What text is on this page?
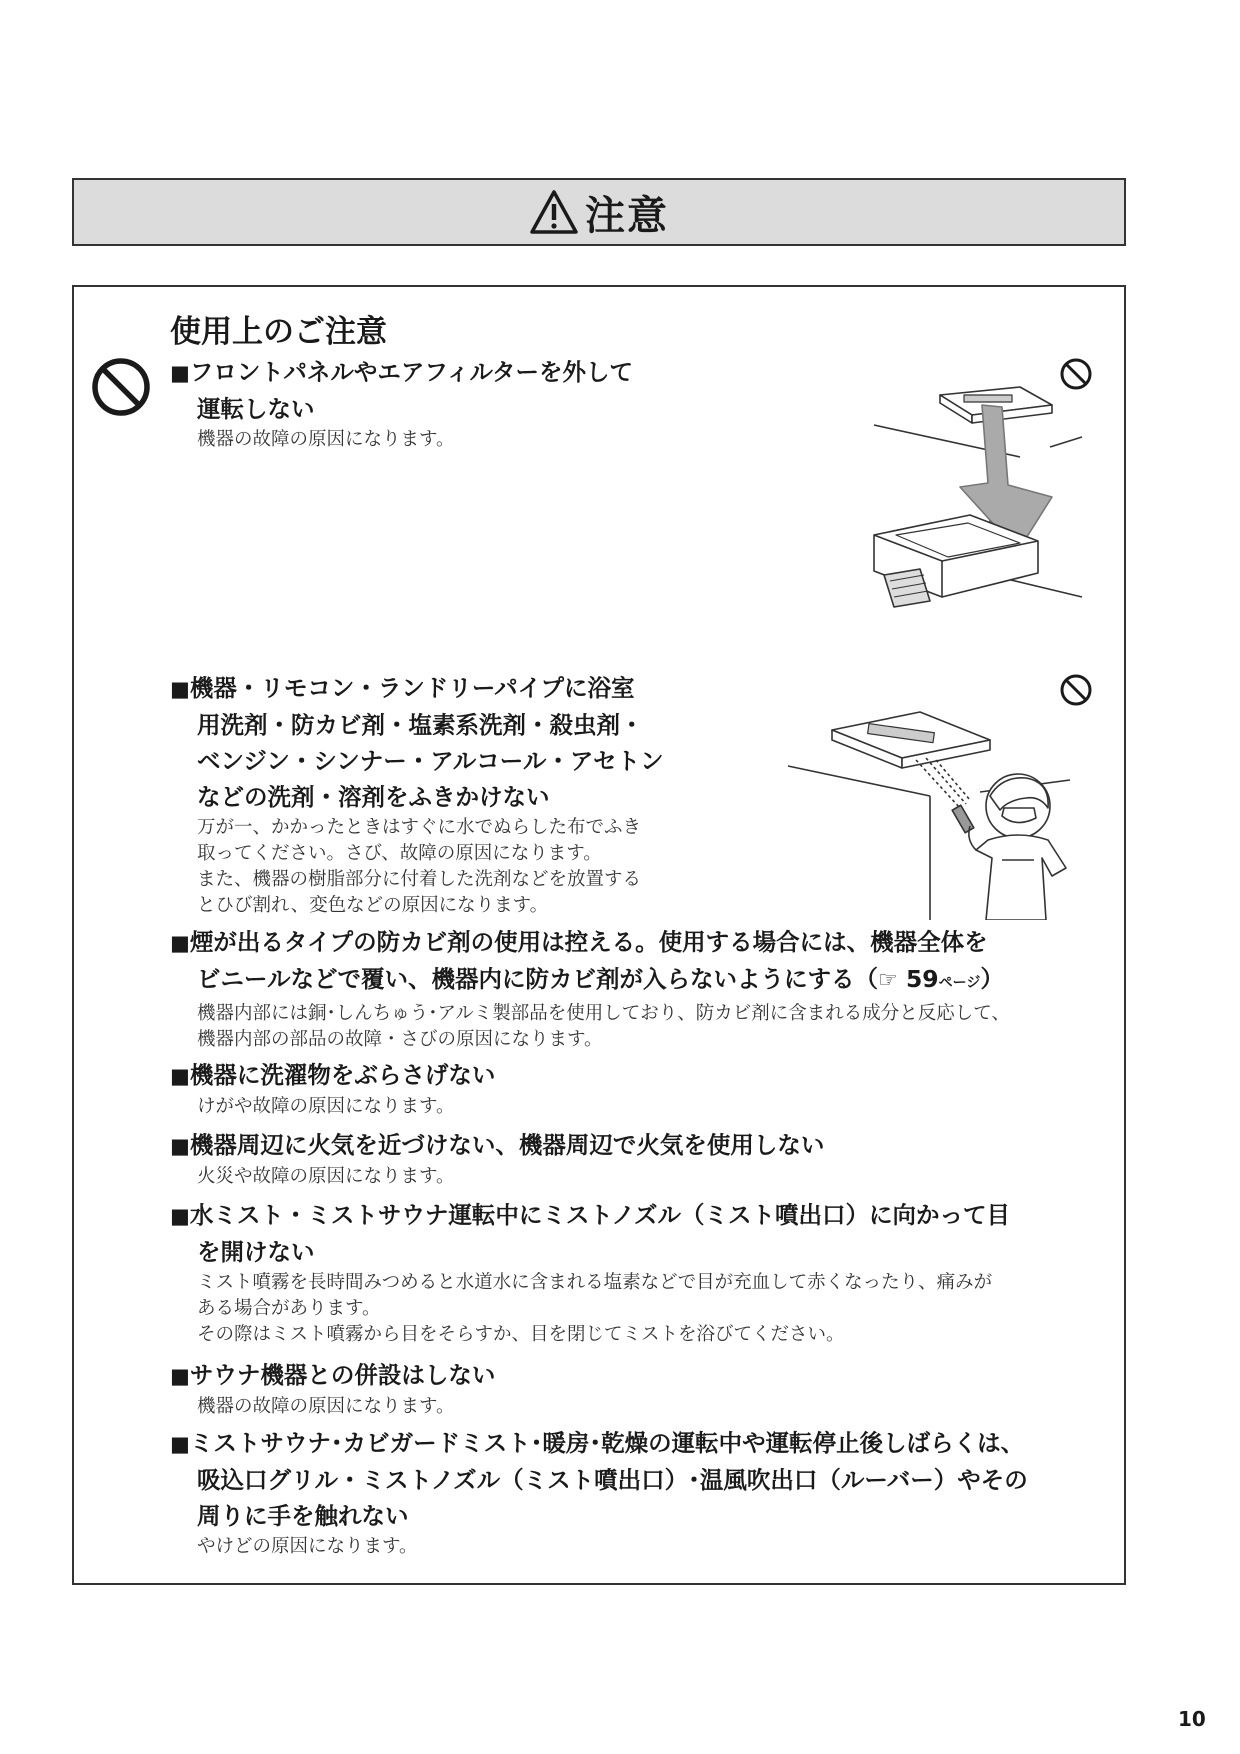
注意
使用上のご注意
■フロントパネルやエアフィルターを外して
運転しない
機器の故障の原因になります。
■機器・リモコン・ランドリーパイプに浴室
用洗剤・防カビ剤・塩素系洗剤・殺虫剤・
ベンジン・シンナー・アルコール・アセトン
などの洗剤・溶剤をふきかけない
万が一、かかったときはすぐに水でぬらした布でふき
取ってください。さび、故障の原因になります。
また、機器の樹脂部分に付着した洗剤などを放置する
とひび割れ、変色などの原因になります。
■煙が出るタイプの防カビ剤の使用は控える。使用する場合には、機器全体を
ビニールなどで覆い、機器内に防カビ剤が入らないようにする（☞ 59ページ）
機器内部には銅･しんちゅう･アルミ製部品を使用しており、防カビ剤に含まれる成分と反応して、
機器内部の部品の故障・さびの原因になります。
■機器に洗濯物をぶらさげない
けがや故障の原因になります。
■機器周辺に火気を近づけない、機器周辺で火気を使用しない
火災や故障の原因になります。
■水ミスト・ミストサウナ運転中にミストノズル（ミスト噴出口）に向かって目
を開けない
ミスト噴霧を長時間みつめると水道水に含まれる塩素などで目が充血して赤くなったり、痛みが
ある場合があります。
その際はミスト噴霧から目をそらすか、目を閉じてミストを浴びてください。
■サウナ機器との併設はしない
機器の故障の原因になります。
■ミストサウナ･カビガードミスト･暖房･乾燥の運転中や運転停止後しばらくは、
吸込口グリル・ミストノズル（ミスト噴出口）･温風吹出口（ルーバー）やその
周りに手を触れない
やけどの原因になります。
10
